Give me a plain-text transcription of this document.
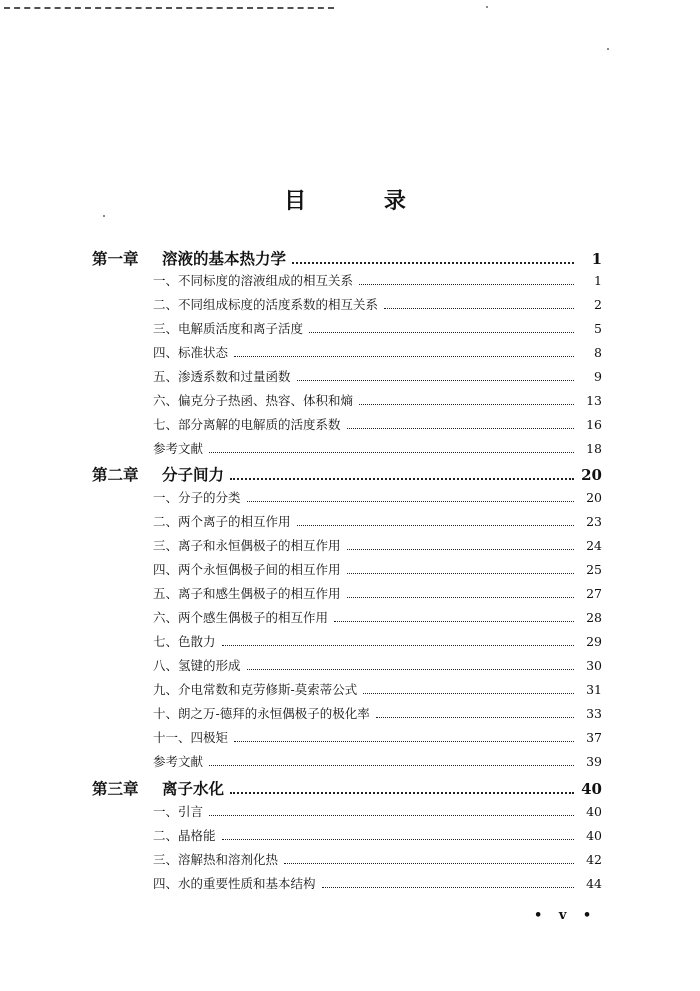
目	录
第一章	溶液的基本热力学	1
一、不同标度的溶液组成的相互关系	1
二、不同组成标度的活度系数的相互关系	2
三、电解质活度和离子活度	5
四、标准状态	8
五、渗透系数和过量函数	9
六、偏克分子热函、热容、体积和熵	13
七、部分离解的电解质的活度系数	16
参考文献	18
第二章	分子间力	20
一、分子的分类	20
二、两个离子的相互作用	23
三、离子和永恒偶极子的相互作用	24
四、两个永恒偶极子间的相互作用	25
五、离子和感生偶极子的相互作用	27
六、两个感生偶极子的相互作用	28
七、色散力	29
八、氢键的形成	30
九、介电常数和克劳修斯-莫索蒂公式	31
十、朗之万-德拜的永恒偶极子的极化率	33
十一、四极矩	37
参考文献	39
第三章	离子水化	40
一、引言	40
二、晶格能	40
三、溶解热和溶剂化热	42
四、水的重要性质和基本结构	44
• v •
